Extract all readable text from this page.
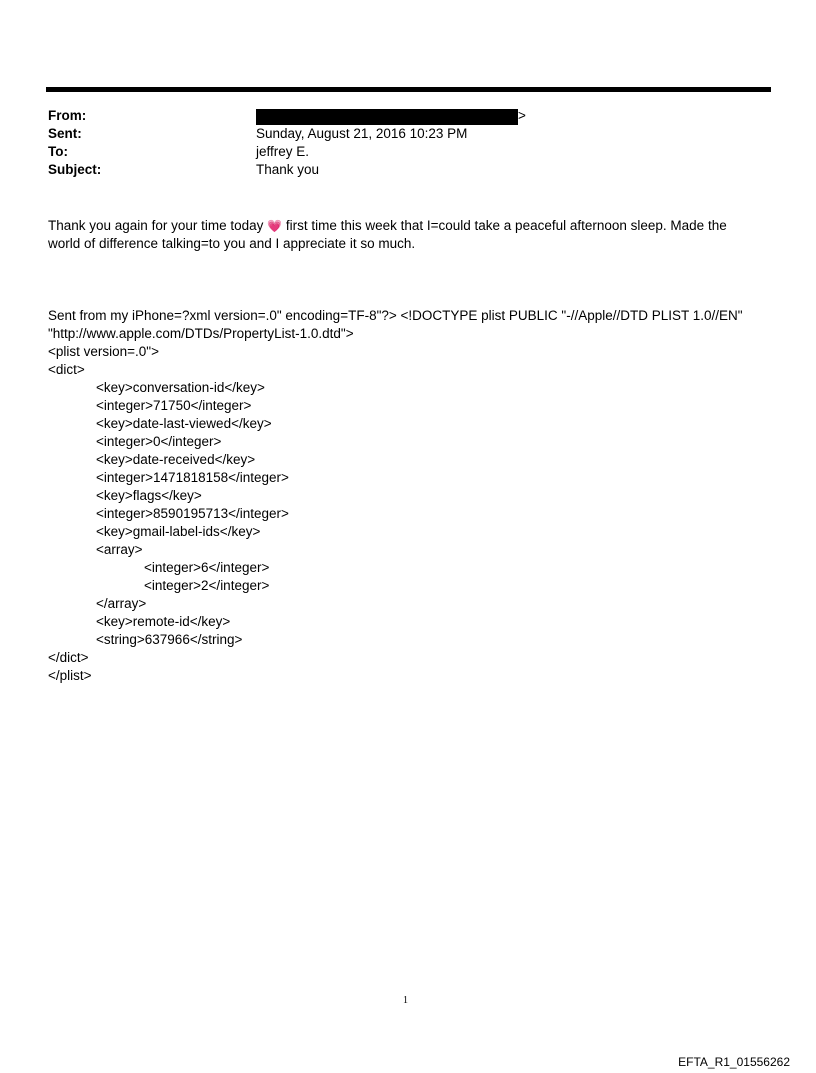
From:	>
Sent:	Sunday, August 21, 2016 10:23 PM
To:	jeffrey E.
Subject:	Thank you
Thank you again for your time today 💗 first time this week that I=could take a peaceful afternoon sleep. Made the
world of difference talking=to you and I appreciate it so much.
Sent from my iPhone=?xml version=.0" encoding=TF-8"?> <!DOCTYPE plist PUBLIC "-//Apple//DTD PLIST 1.0//EN"
"http://www.apple.com/DTDs/PropertyList-1.0.dtd">
<plist version=.0">
<dict>
<key>conversation-id</key>
<integer>71750</integer>
<key>date-last-viewed</key>
<integer>0</integer>
<key>date-received</key>
<integer>1471818158</integer>
<key>flags</key>
<integer>8590195713</integer>
<key>gmail-label-ids</key>
<array>
<integer>6</integer>
<integer>2</integer>
</array>
<key>remote-id</key>
<string>637966</string>
</dict>
</plist>
1
EFTA_R1_01556262
